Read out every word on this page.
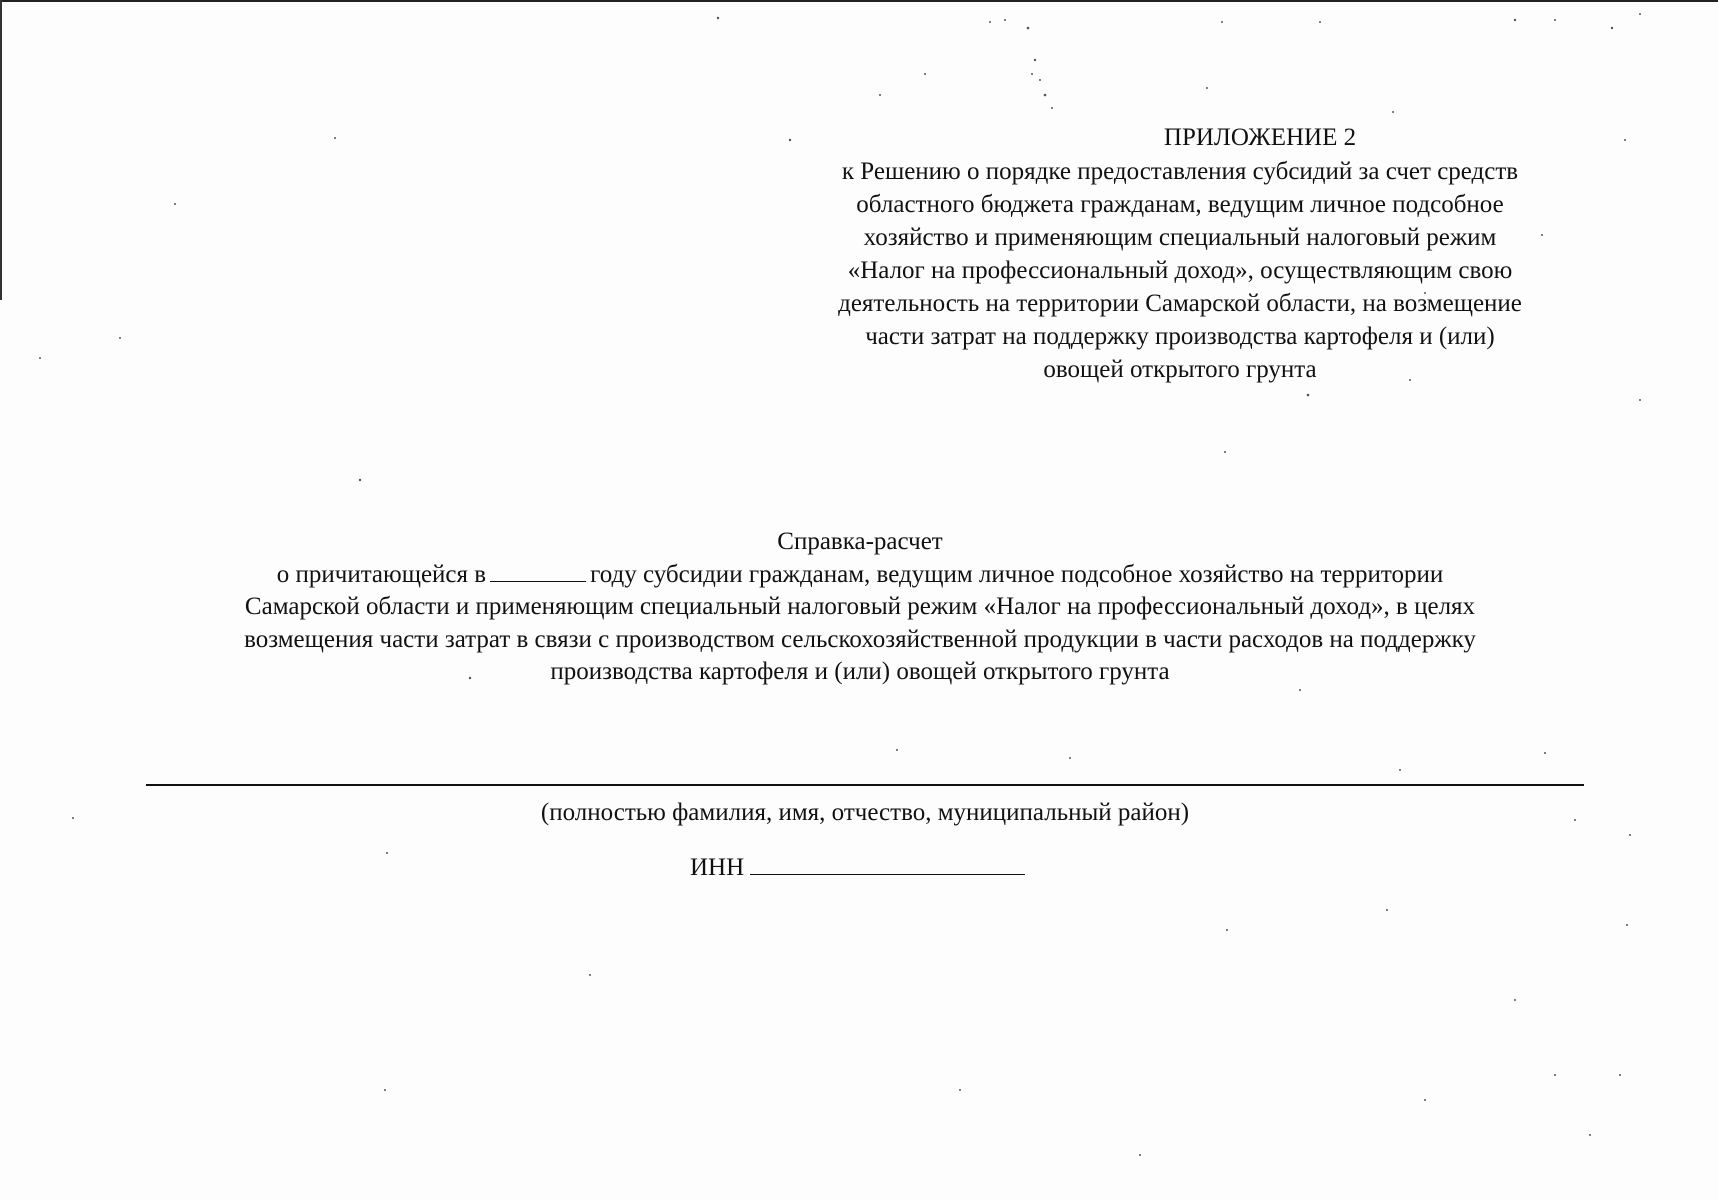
ПРИЛОЖЕНИЕ 2
к Решению о порядке предоставления субсидий за счет средств
областного бюджета гражданам, ведущим личное подсобное
хозяйство и применяющим специальный налоговый режим
«Налог на профессиональный доход», осуществляющим свою
деятельность на территории Самарской области, на возмещение
части затрат на поддержку производства картофеля и (или)
овощей открытого грунта
Справка-расчет
о причитающейся в	году субсидии гражданам, ведущим личное подсобное хозяйство на территории
Самарской области и применяющим специальный налоговый режим «Налог на профессиональный доход», в целях
возмещения части затрат в связи с производством сельскохозяйственной продукции в части расходов на поддержку
производства картофеля и (или) овощей открытого грунта
(полностью фамилия, имя, отчество, муниципальный район)
ИНН
